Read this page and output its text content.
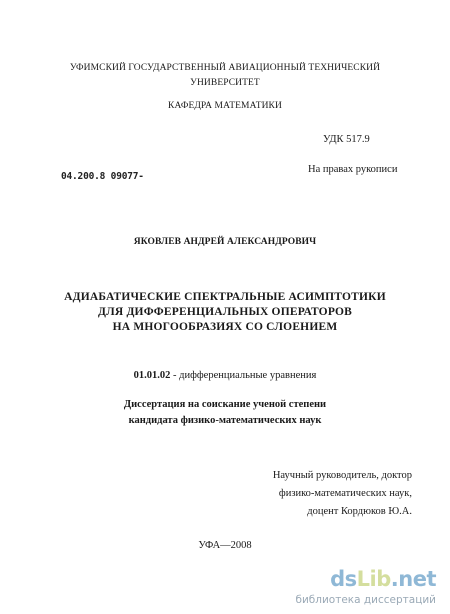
УФИМСКИЙ ГОСУДАРСТВЕННЫЙ АВИАЦИОННЫЙ ТЕХНИЧЕСКИЙ
УНИВЕРСИТЕТ
КАФЕДРА МАТЕМАТИКИ
УДК 517.9
На правах рукописи
04.200.8 09077-
ЯКОВЛЕВ АНДРЕЙ АЛЕКСАНДРОВИЧ
АДИАБАТИЧЕСКИЕ СПЕКТРАЛЬНЫЕ АСИМПТОТИКИ
ДЛЯ ДИФФЕРЕНЦИАЛЬНЫХ ОПЕРАТОРОВ
НА МНОГООБРАЗИЯХ СО СЛОЕНИЕМ
01.01.02 - дифференциальные уравнения
Диссертация на соискание ученой степени
кандидата физико-математических наук
Научный руководитель, доктор
физико-математических наук,
доцент Кордюков Ю.А.
УФА—2008
dsLib.net
библиотека диссертаций
